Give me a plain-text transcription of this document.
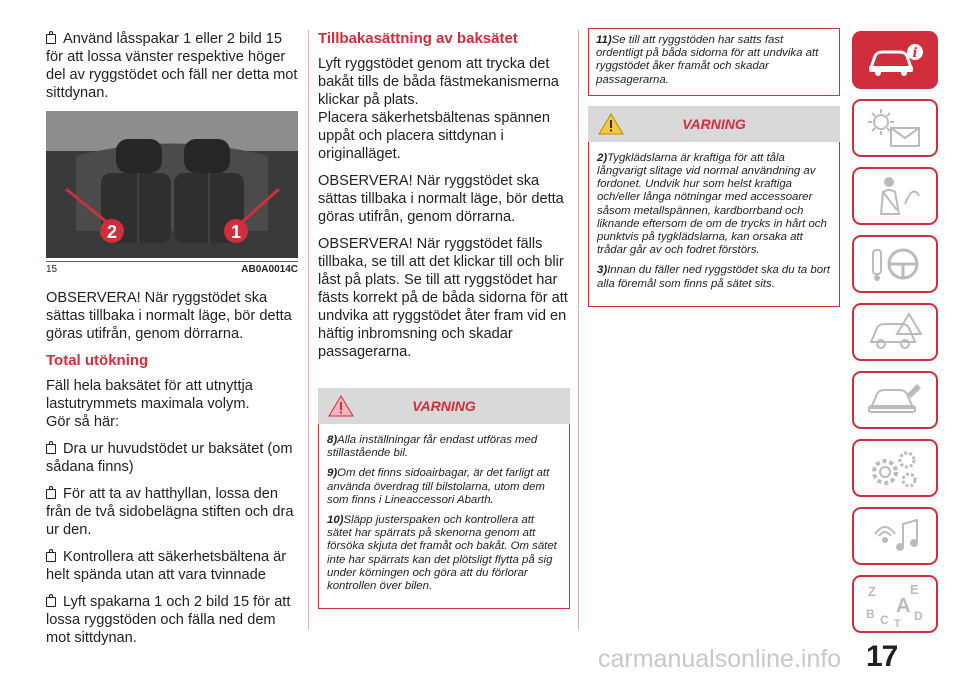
Använd låsspakar 1 eller 2 bild 15 för att lossa vänster respektive höger del av ryggstödet och fäll ner detta mot sittdynan.

2	1
15	AB0A0014C

OBSERVERA! När ryggstödet ska sättas tillbaka i normalt läge, bör detta göras utifrån, genom dörrarna.

Total utökning

Fäll hela baksätet för att utnyttja lastutrymmets maximala volym.

Gör så här:

Dra ur huvudstödet ur baksätet (om sådana finns)

För att ta av hatthyllan, lossa den från de två sidobelägna stiften och dra ur den.

Kontrollera att säkerhetsbältena är helt spända utan att vara tvinnade

Lyft spakarna 1 och 2 bild 15 för att lossa ryggstöden och fälla ned dem mot sittdynan.

Tillbakasättning av baksätet

Lyft ryggstödet genom att trycka det bakåt tills de båda fästmekanismerna klickar på plats.

Placera säkerhetsbältenas spännen uppåt och placera sittdynan i originalläget.

OBSERVERA! När ryggstödet ska sättas tillbaka i normalt läge, bör detta göras utifrån, genom dörrarna.

OBSERVERA! När ryggstödet fälls tillbaka, se till att det klickar till och blir låst på plats. Se till att ryggstödet har fästs korrekt på de båda sidorna för att undvika att ryggstödet åter fram vid en häftig inbromsning och skadar passagerarna.

VARNING

8)Alla inställningar får endast utföras med stillastående bil.

9)Om det finns sidoairbagar, är det farligt att använda överdrag till bilstolarna, utom dem som finns i Lineaccessori Abarth.

10)Släpp justerspaken och kontrollera att sätet har spärrats på skenorna genom att försöka skjuta det framåt och bakåt. Om sätet inte har spärrats kan det plötsligt flytta på sig under körningen och göra att du förlorar kontrollen över bilen.

11)Se till att ryggstöden har satts fast ordentligt på båda sidorna för att undvika att ryggstödet åker framåt och skadar passagerarna.

VARNING

2)Tygklädslarna är kraftiga för att tåla långvarigt slitage vid normal användning av fordonet. Undvik hur som helst kraftiga och/eller långa nötningar med accessoarer såsom metallspännen, kardborrband och liknande eftersom de om de trycks in hårt och punktvis på tygklädslarna, kan orsaka att trådar går av och fodret förstörs.

3)Innan du fäller ned ryggstödet ska du ta bort alla föremål som finns på sätet sits.

i
Z	E
B A
C D
T
17
carmanualsonline.info
